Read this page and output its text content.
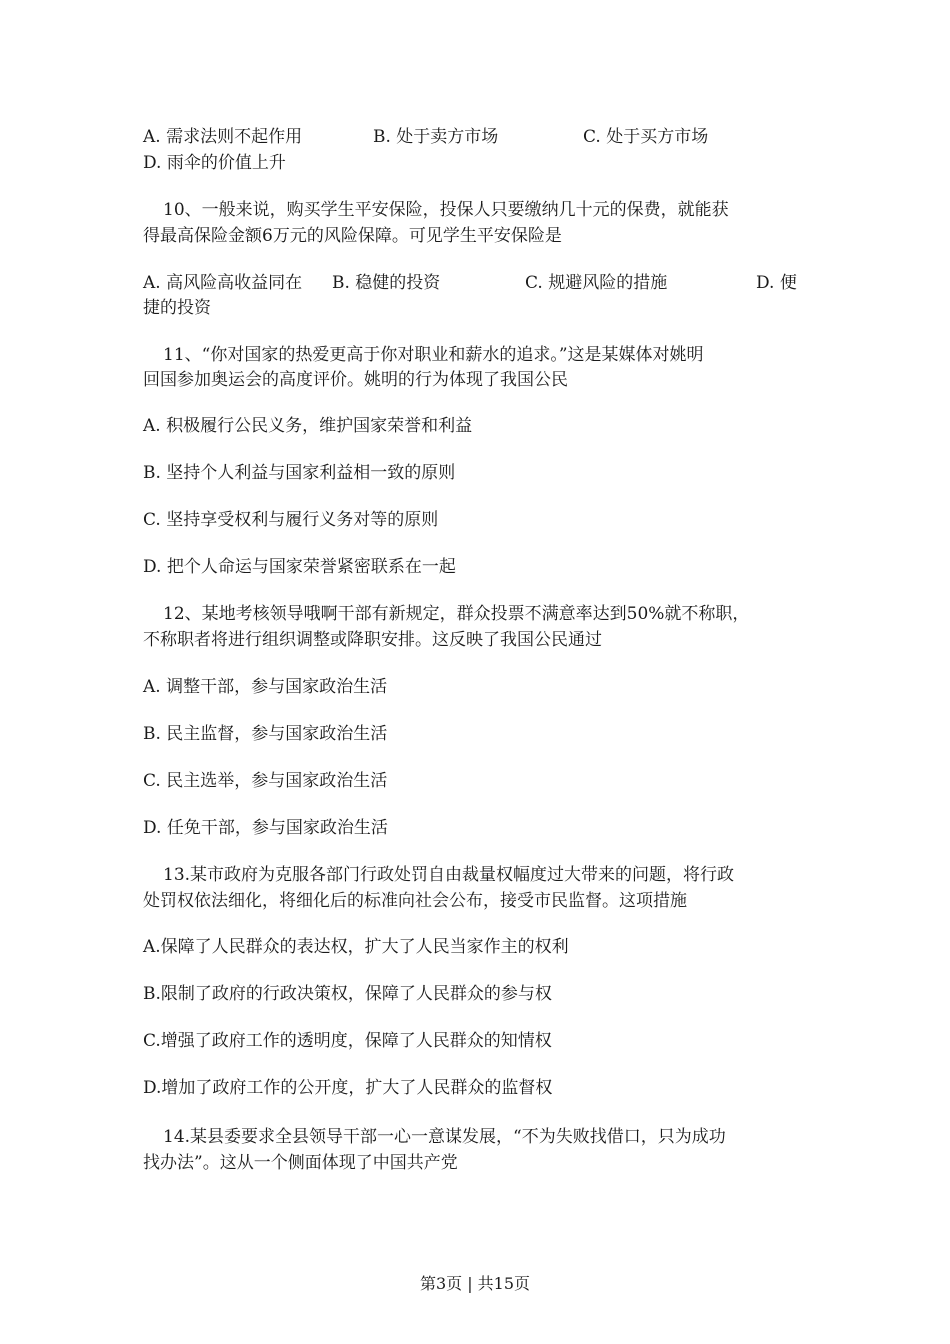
A. 需求法则不起作用	B. 处于卖方市场	C. 处于买方市场
D. 雨伞的价值上升
10、一般来说，购买学生平安保险，投保人只要缴纳几十元的保费，就能获
得最高保险金额6万元的风险保障。可见学生平安保险是
A. 高风险高收益同在 B. 稳健的投资	C. 规避风险的措施	D. 便
捷的投资
11、“你对国家的热爱更高于你对职业和薪水的追求。”这是某媒体对姚明
回国参加奥运会的高度评价。姚明的行为体现了我国公民
A. 积极履行公民义务，维护国家荣誉和利益
B. 坚持个人利益与国家利益相一致的原则
C. 坚持享受权利与履行义务对等的原则
D. 把个人命运与国家荣誉紧密联系在一起
12、某地考核领导哦啊干部有新规定，群众投票不满意率达到50%就不称职，
不称职者将进行组织调整或降职安排。这反映了我国公民通过
A. 调整干部，参与国家政治生活
B. 民主监督，参与国家政治生活
C. 民主选举，参与国家政治生活
D. 任免干部，参与国家政治生活
13.某市政府为克服各部门行政处罚自由裁量权幅度过大带来的问题，将行政
处罚权依法细化，将细化后的标准向社会公布，接受市民监督。这项措施
A.保障了人民群众的表达权，扩大了人民当家作主的权利
B.限制了政府的行政决策权，保障了人民群众的参与权
C.增强了政府工作的透明度，保障了人民群众的知情权
D.增加了政府工作的公开度，扩大了人民群众的监督权
14.某县委要求全县领导干部一心一意谋发展，“不为失败找借口，只为成功
找办法”。这从一个侧面体现了中国共产党
第3页 | 共15页
